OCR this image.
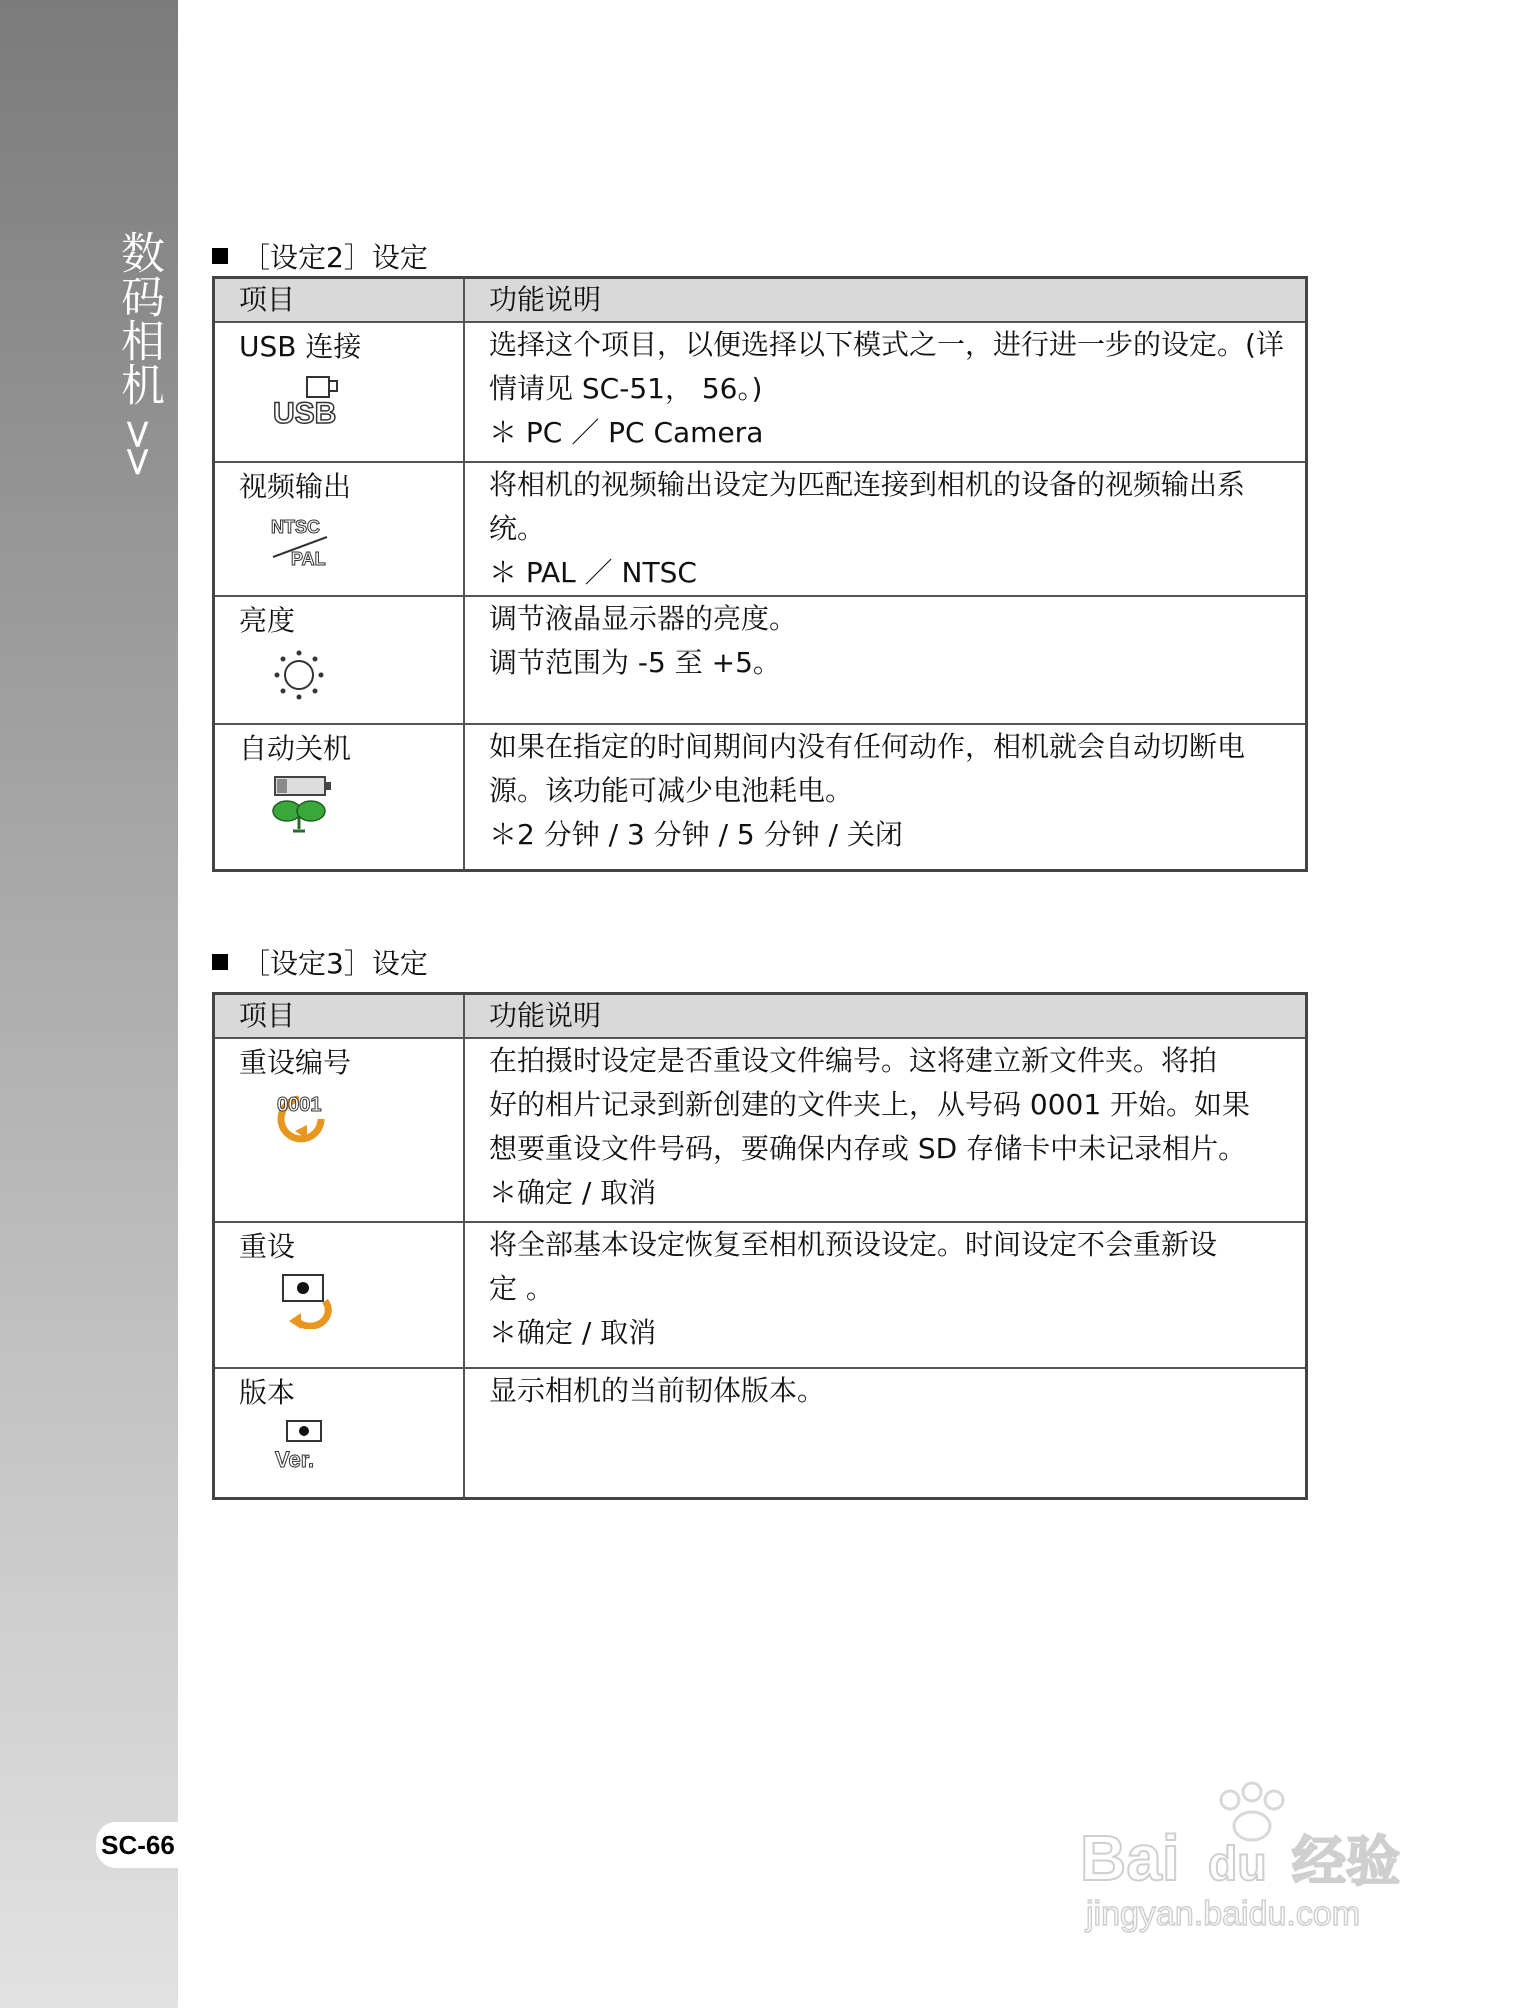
数码相机
>>
SC-66
［设定2］设定
项目	功能说明

USB 连接
USB	选择这个项目，以便选择以下模式之一，进行进一步的设定。(详
情请见 SC-51， 56。)
＊ PC ／ PC Camera

视频输出
NTSC
PAL	将相机的视频输出设定为匹配连接到相机的设备的视频输出系统。
＊ PAL ／ NTSC

亮度	调节液晶显示器的亮度。
调节范围为 -5 至 +5。

自动关机	如果在指定的时间期间内没有任何动作，相机就会自动切断电
源。该功能可减少电池耗电。
＊2 分钟 / 3 分钟 / 5 分钟 / 关闭
［设定3］设定
项目	功能说明

重设编号
0001	在拍摄时设定是否重设文件编号。这将建立新文件夹。将拍
好的相片记录到新创建的文件夹上，从号码 0001 开始。如果
想要重设文件号码，要确保内存或 SD 存储卡中未记录相片。
＊确定 / 取消

重设	将全部基本设定恢复至相机预设设定。时间设定不会重新设
定 。
＊确定 / 取消

版本
Ver.	显示相机的当前韧体版本。
Bai du 经验
jingyan.baidu.com
